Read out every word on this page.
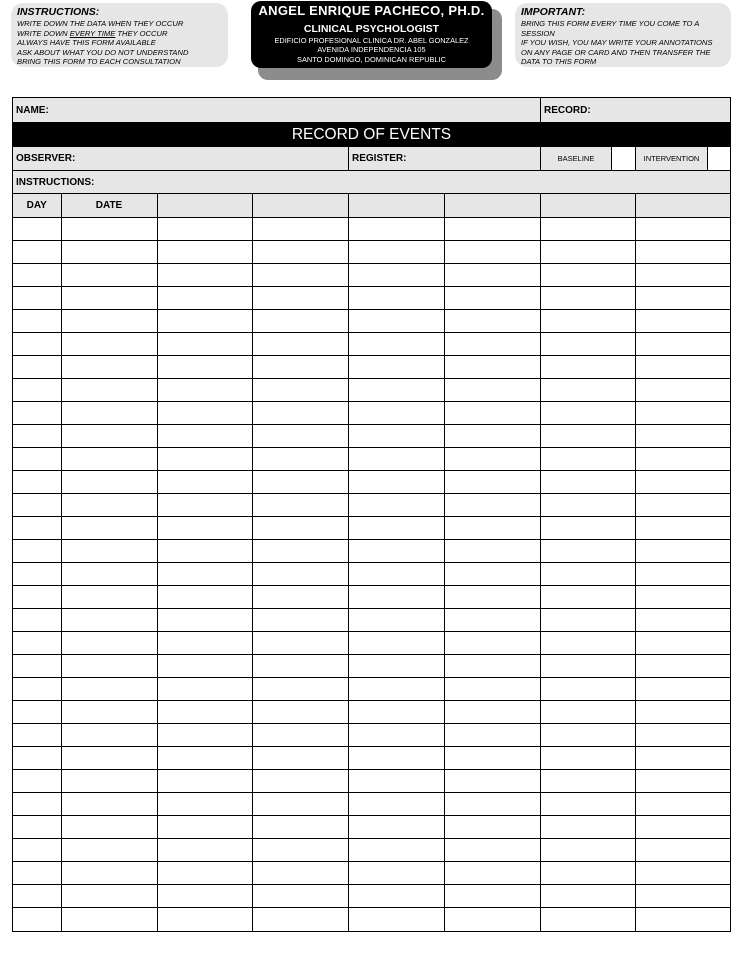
INSTRUCTIONS:
WRITE DOWN THE DATA WHEN THEY OCCUR
WRITE DOWN EVERY TIME THEY OCCUR
ALWAYS HAVE THIS FORM AVAILABLE
ASK ABOUT WHAT YOU DO NOT UNDERSTAND
BRING THIS FORM TO EACH CONSULTATION
ANGEL ENRIQUE PACHECO, PH.D.
CLINICAL PSYCHOLOGIST
EDIFICIO PROFESIONAL CLINICA DR. ABEL GONZALEZ
AVENIDA INDEPENDENCIA 105
SANTO DOMINGO, DOMINICAN REPUBLIC
IMPORTANT:
BRING THIS FORM EVERY TIME YOU COME TO A
SESSION
IF YOU WISH, YOU MAY WRITE YOUR ANNOTATIONS
ON ANY PAGE OR CARD AND THEN TRANSFER THE
DATA TO THIS FORM
NAME:	RECORD:
RECORD OF EVENTS
OBSERVER:	REGISTER:	BASELINE	INTERVENTION
INSTRUCTIONS:
DAY	DATE						
